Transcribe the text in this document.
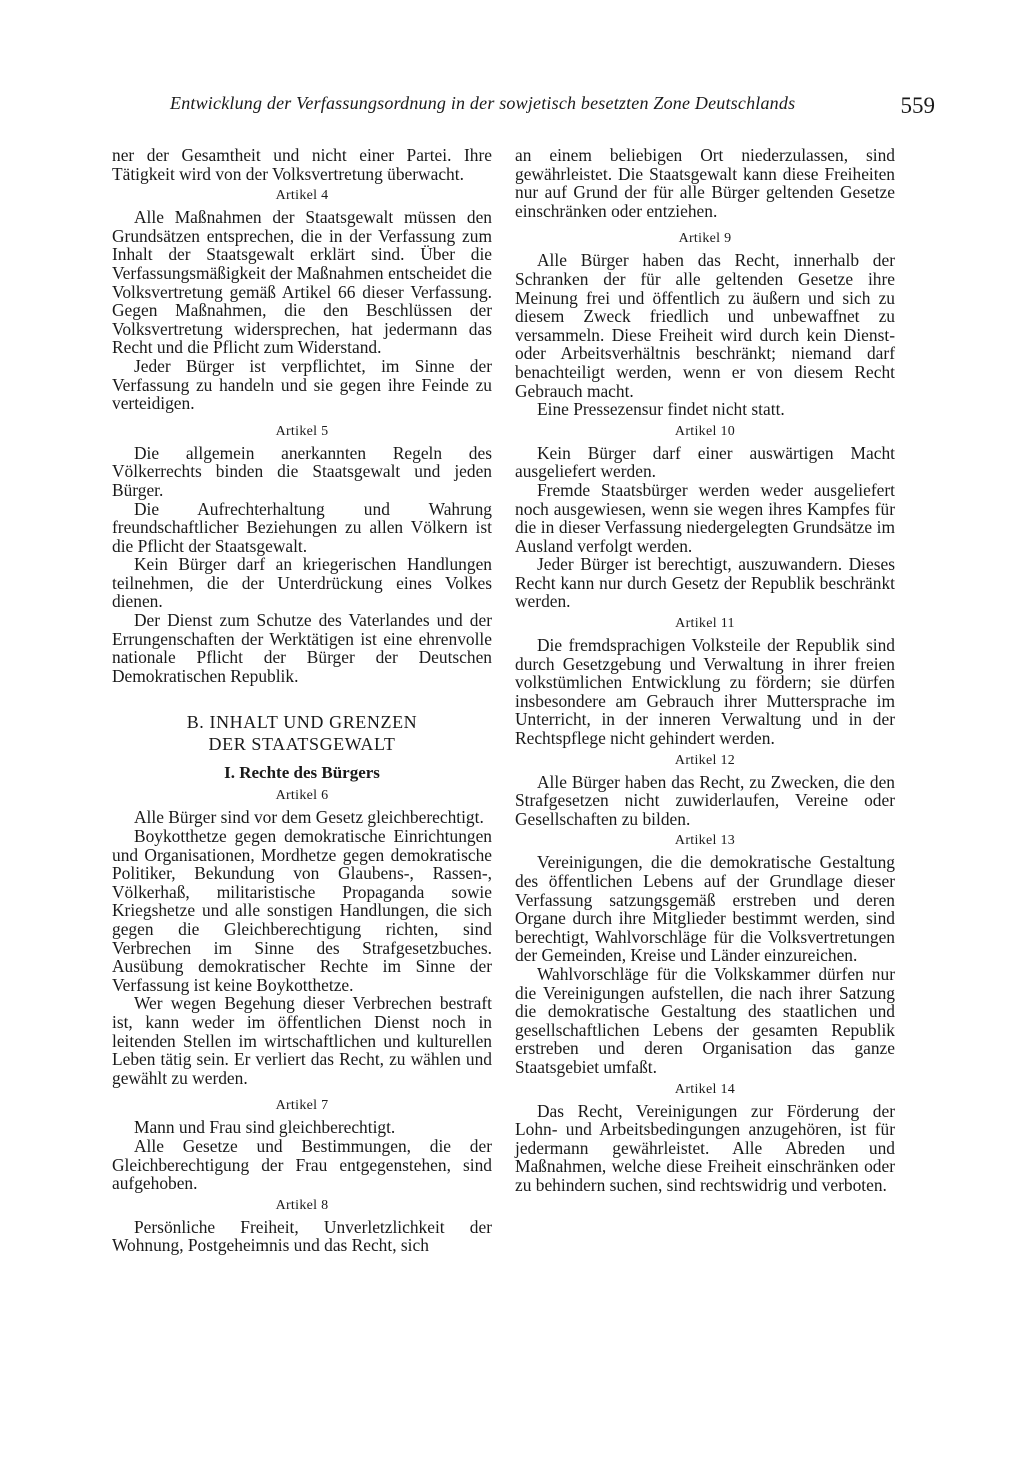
Entwicklung der Verfassungsordnung in der sowjetisch besetzten Zone Deutschlands	559

ner der Gesamtheit und nicht einer Partei. Ihre Tätigkeit wird von der Volksvertretung überwacht.

Artikel 4

Alle Maßnahmen der Staatsgewalt müssen den Grundsätzen entsprechen, die in der Verfassung zum Inhalt der Staatsgewalt erklärt sind. Über die Verfassungsmäßigkeit der Maßnahmen entscheidet die Volksvertretung gemäß Artikel 66 dieser Verfassung. Gegen Maßnahmen, die den Beschlüssen der Volksvertretung widersprechen, hat jedermann das Recht und die Pflicht zum Widerstand.

Jeder Bürger ist verpflichtet, im Sinne der Verfassung zu handeln und sie gegen ihre Feinde zu verteidigen.

Artikel 5

Die allgemein anerkannten Regeln des Völkerrechts binden die Staatsgewalt und jeden Bürger.

Die Aufrechterhaltung und Wahrung freundschaftlicher Beziehungen zu allen Völkern ist die Pflicht der Staatsgewalt.

Kein Bürger darf an kriegerischen Handlungen teilnehmen, die der Unterdrückung eines Volkes dienen.

Der Dienst zum Schutze des Vaterlandes und der Errungenschaften der Werktätigen ist eine ehrenvolle nationale Pflicht der Bürger der Deutschen Demokratischen Republik.

B. INHALT UND GRENZEN
DER STAATSGEWALT
I. Rechte des Bürgers
Artikel 6

Alle Bürger sind vor dem Gesetz gleichberechtigt.

Boykotthetze gegen demokratische Einrichtungen und Organisationen, Mordhetze gegen demokratische Politiker, Bekundung von Glaubens-, Rassen-, Völkerhaß, militaristische Propaganda sowie Kriegshetze und alle sonstigen Handlungen, die sich gegen die Gleichberechtigung richten, sind Verbrechen im Sinne des Strafgesetzbuches. Ausübung demokratischer Rechte im Sinne der Verfassung ist keine Boykotthetze.

Wer wegen Begehung dieser Verbrechen bestraft ist, kann weder im öffentlichen Dienst noch in leitenden Stellen im wirtschaftlichen und kulturellen Leben tätig sein. Er verliert das Recht, zu wählen und gewählt zu werden.

Artikel 7

Mann und Frau sind gleichberechtigt.

Alle Gesetze und Bestimmungen, die der Gleichberechtigung der Frau entgegenstehen, sind aufgehoben.

Artikel 8

Persönliche Freiheit, Unverletzlichkeit der Wohnung, Postgeheimnis und das Recht, sich

an einem beliebigen Ort niederzulassen, sind gewährleistet. Die Staatsgewalt kann diese Freiheiten nur auf Grund der für alle Bürger geltenden Gesetze einschränken oder entziehen.

Artikel 9

Alle Bürger haben das Recht, innerhalb der Schranken der für alle geltenden Gesetze ihre Meinung frei und öffentlich zu äußern und sich zu diesem Zweck friedlich und unbewaffnet zu versammeln. Diese Freiheit wird durch kein Dienst- oder Arbeitsverhältnis beschränkt; niemand darf benachteiligt werden, wenn er von diesem Recht Gebrauch macht.

Eine Pressezensur findet nicht statt.

Artikel 10

Kein Bürger darf einer auswärtigen Macht ausgeliefert werden.

Fremde Staatsbürger werden weder ausgeliefert noch ausgewiesen, wenn sie wegen ihres Kampfes für die in dieser Verfassung niedergelegten Grundsätze im Ausland verfolgt werden.

Jeder Bürger ist berechtigt, auszuwandern. Dieses Recht kann nur durch Gesetz der Republik beschränkt werden.

Artikel 11

Die fremdsprachigen Volksteile der Republik sind durch Gesetzgebung und Verwaltung in ihrer freien volkstümlichen Entwicklung zu fördern; sie dürfen insbesondere am Gebrauch ihrer Muttersprache im Unterricht, in der inneren Verwaltung und in der Rechtspflege nicht gehindert werden.

Artikel 12

Alle Bürger haben das Recht, zu Zwecken, die den Strafgesetzen nicht zuwiderlaufen, Vereine oder Gesellschaften zu bilden.

Artikel 13

Vereinigungen, die die demokratische Gestaltung des öffentlichen Lebens auf der Grundlage dieser Verfassung satzungsgemäß erstreben und deren Organe durch ihre Mitglieder bestimmt werden, sind berechtigt, Wahlvorschläge für die Volksvertretungen der Gemeinden, Kreise und Länder einzureichen.

Wahlvorschläge für die Volkskammer dürfen nur die Vereinigungen aufstellen, die nach ihrer Satzung die demokratische Gestaltung des staatlichen und gesellschaftlichen Lebens der gesamten Republik erstreben und deren Organisation das ganze Staatsgebiet umfaßt.

Artikel 14

Das Recht, Vereinigungen zur Förderung der Lohn- und Arbeitsbedingungen anzugehören, ist für jedermann gewährleistet. Alle Abreden und Maßnahmen, welche diese Freiheit einschränken oder zu behindern suchen, sind rechtswidrig und verboten.
